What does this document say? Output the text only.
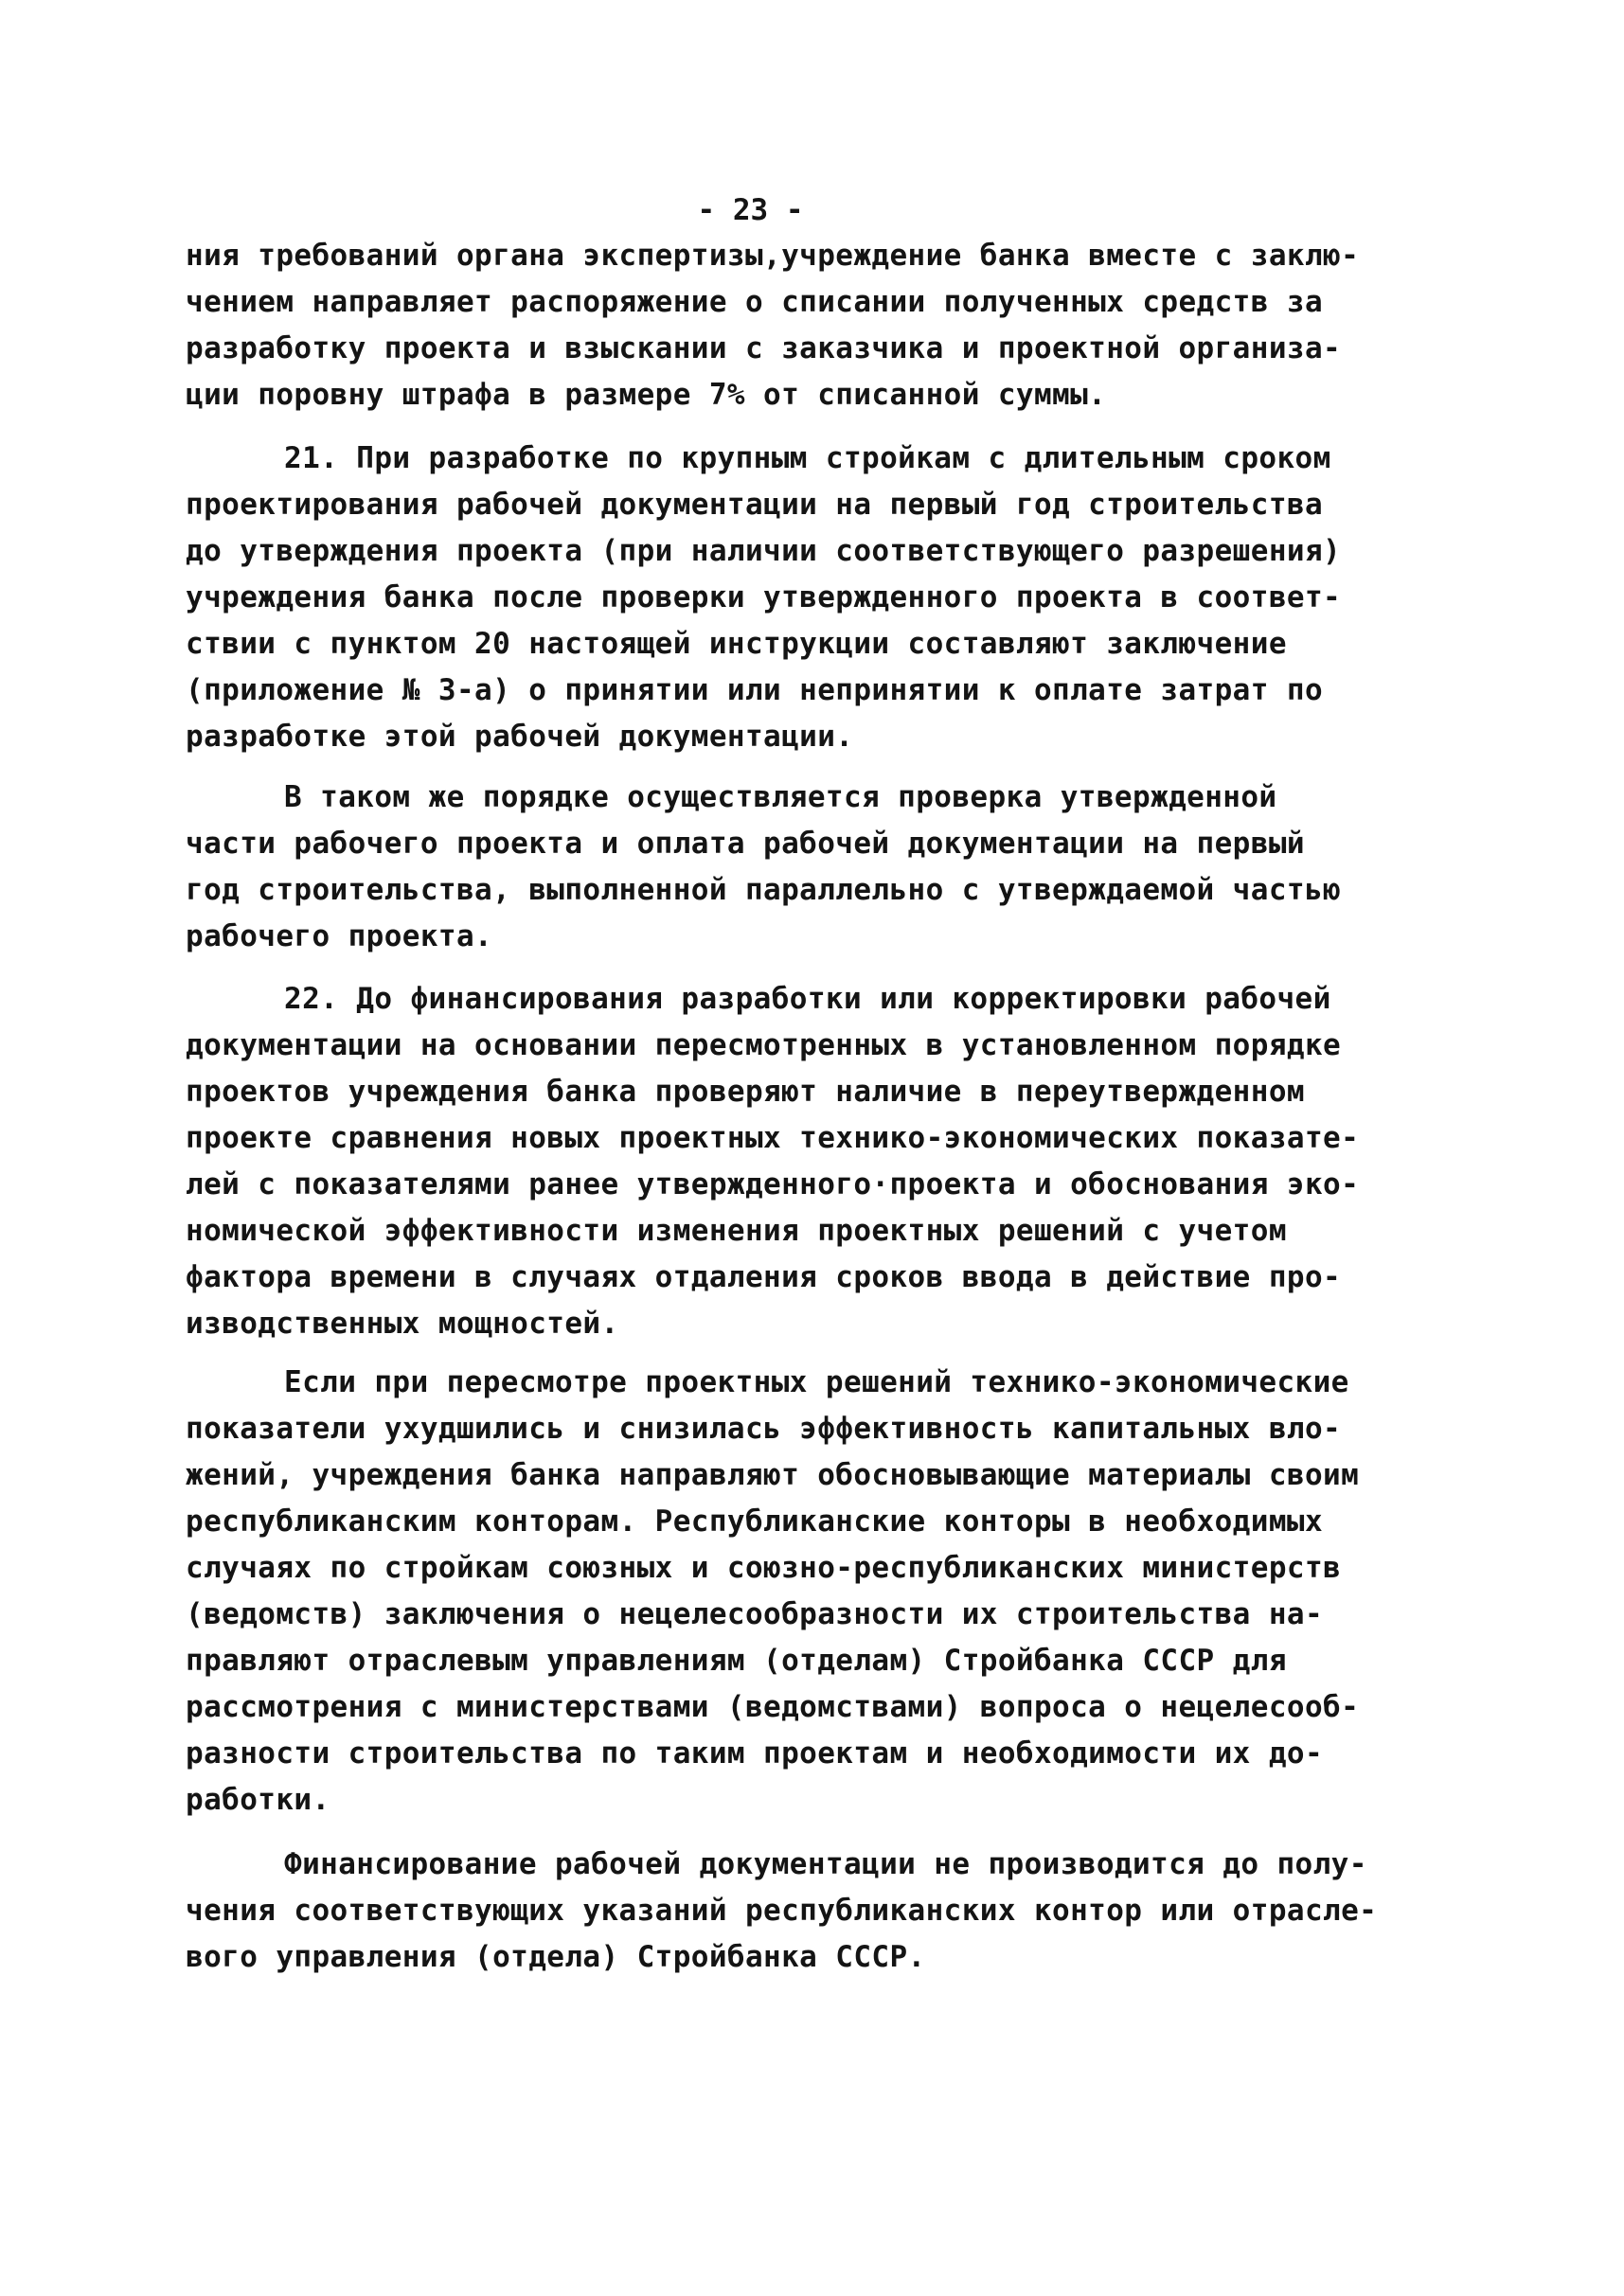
- 23 -
ния требований органа экспертизы,учреждение банка вместе с заклю-
чением направляет распоряжение о списании полученных средств за
разработку проекта и взыскании с заказчика и проектной организа-
ции поровну штрафа в размере 7% от списанной суммы.
21. При разработке по крупным стройкам с длительным сроком
проектирования рабочей документации на первый год строительства
до утверждения проекта (при наличии соответствующего разрешения)
учреждения банка после проверки утвержденного проекта в соответ-
ствии с пунктом 20 настоящей инструкции составляют заключение
(приложение № 3-а) о принятии или непринятии к оплате затрат по
разработке этой рабочей документации.
В таком же порядке осуществляется проверка утвержденной
части рабочего проекта и оплата рабочей документации на первый
год строительства, выполненной параллельно с утверждаемой частью
рабочего проекта.
22. До финансирования разработки или корректировки рабочей
документации на основании пересмотренных в установленном порядке
проектов учреждения банка проверяют наличие в переутвержденном
проекте сравнения новых проектных технико-экономических показате-
лей с показателями ранее утвержденного·проекта и обоснования эко-
номической эффективности изменения проектных решений с учетом
фактора времени в случаях отдаления сроков ввода в действие про-
изводственных мощностей.
Если при пересмотре проектных решений технико-экономические
показатели ухудшились и снизилась эффективность капитальных вло-
жений, учреждения банка направляют обосновывающие материалы своим
республиканским конторам. Республиканские конторы в необходимых
случаях по стройкам союзных и союзно-республиканских министерств
(ведомств) заключения о нецелесообразности их строительства на-
правляют отраслевым управлениям (отделам) Стройбанка СССР для
рассмотрения с министерствами (ведомствами) вопроса о нецелесооб-
разности строительства по таким проектам и необходимости их до-
работки.
Финансирование рабочей документации не производится до полу-
чения соответствующих указаний республиканских контор или отрасле-
вого управления (отдела) Стройбанка СССР.
